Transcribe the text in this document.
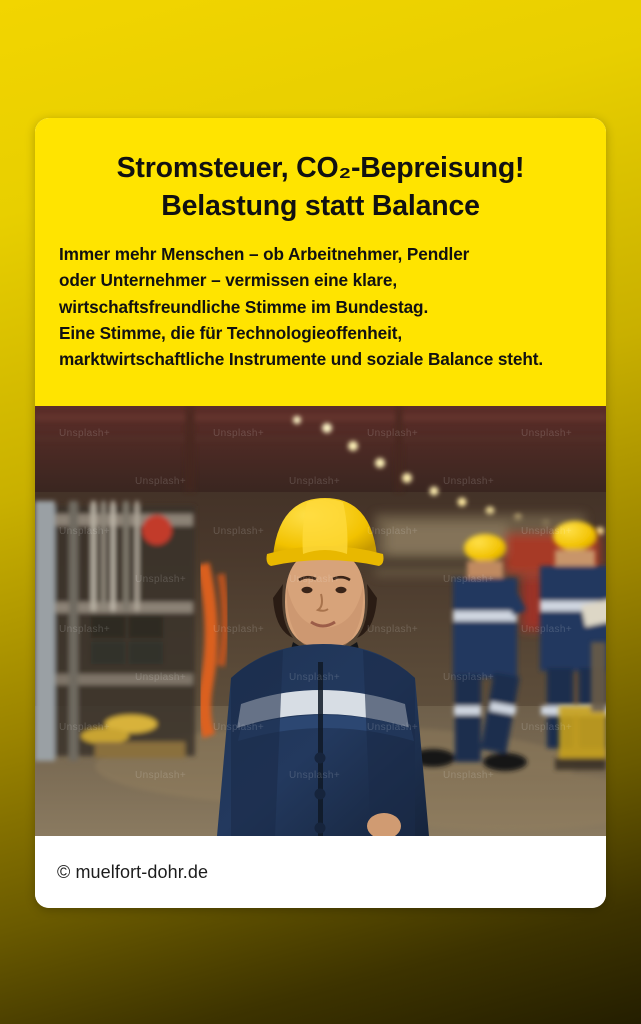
Stromsteuer, CO₂-Bepreisung!
Belastung statt Balance
Immer mehr Menschen – ob Arbeitnehmer, Pendler
oder Unternehmer – vermissen eine klare,
wirtschaftsfreundliche Stimme im Bundestag.
Eine Stimme, die für Technologieoffenheit,
marktwirtschaftliche Instrumente und soziale Balance steht.
© muelfort-dohr.de
